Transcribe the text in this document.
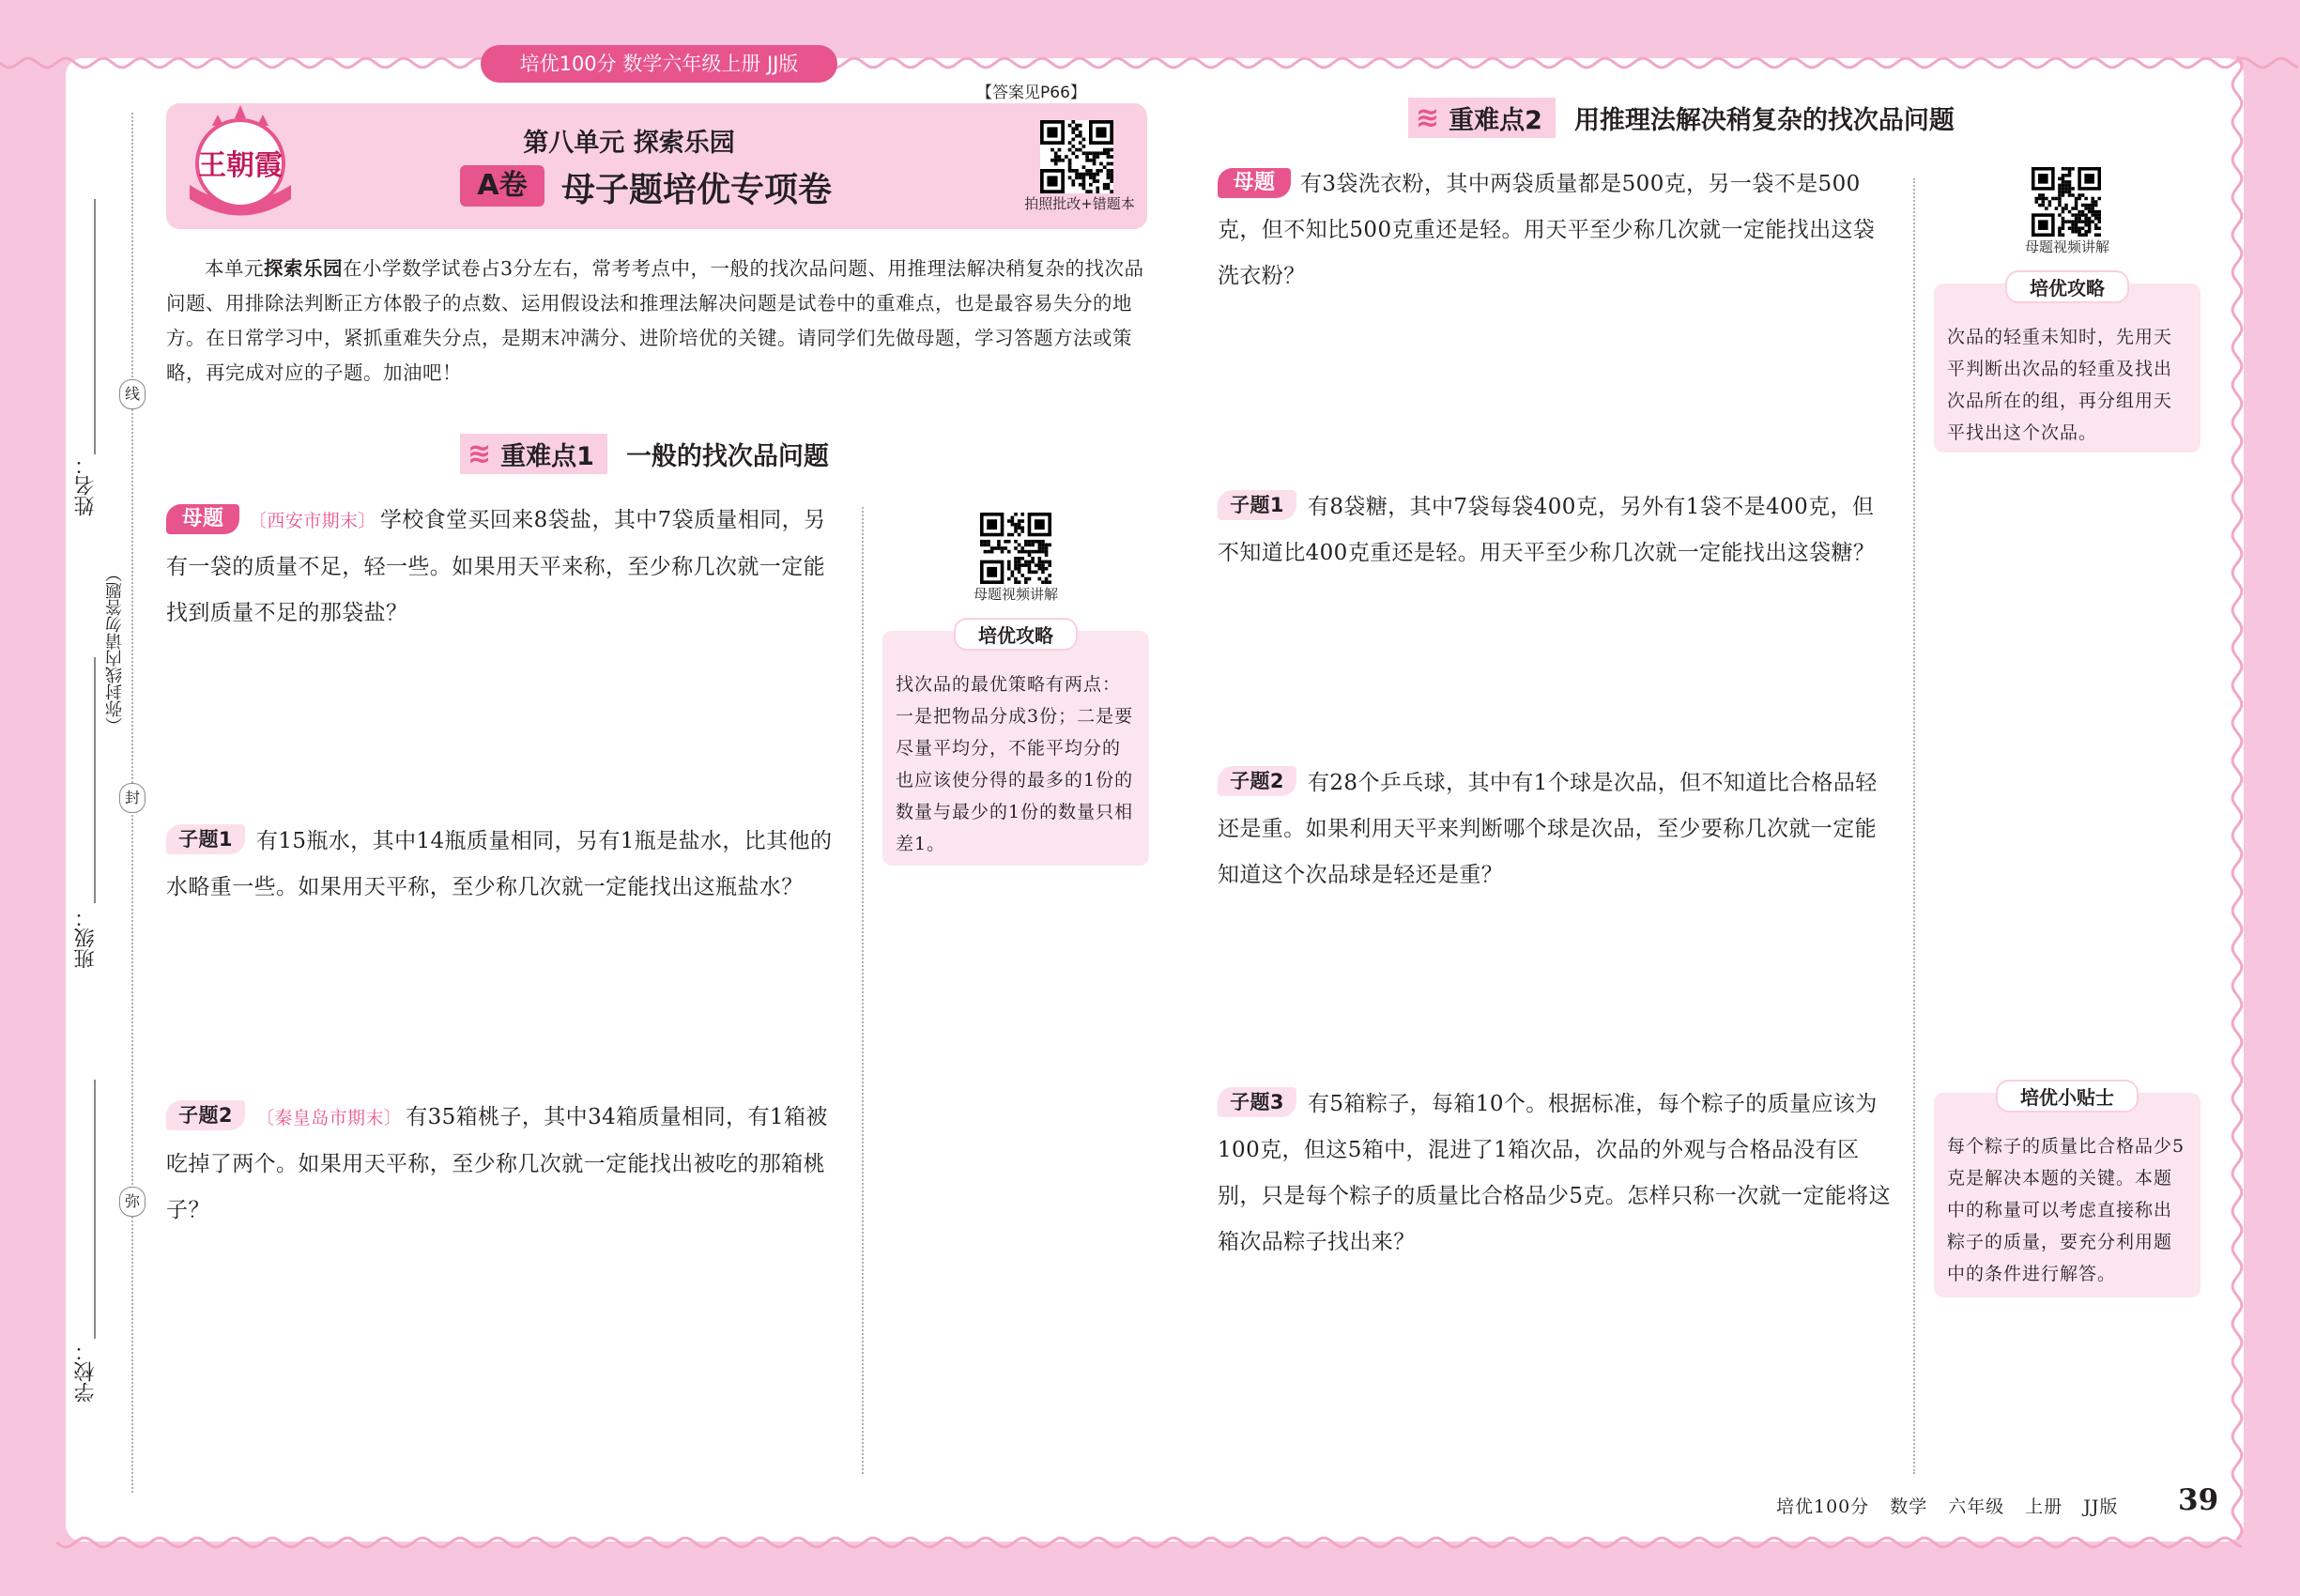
培优100分 数学六年级上册 JJ版
【答案见P66】
王朝霞
第八单元 探索乐园
A卷	母子题培优专项卷	拍照批改+错题本
本单元探索乐园在小学数学试卷占3分左右，常考考点中，一般的找次品问题、用推理法解决稍复杂的找次品问题、用排除法判断正方体骰子的点数、运用假设法和推理法解决问题是试卷中的重难点，也是最容易失分的地方。在日常学习中，紧抓重难失分点，是期末冲满分、进阶培优的关键。请同学们先做母题，学习答题方法或策略，再完成对应的子题。加油吧！
≋ 重难点1 一般的找次品问题
母题 〔西安市期末〕 学校食堂买回来8袋盐，其中7袋质量相同，另有一袋的质量不足，轻一些。如果用天平来称，至少称几次就一定能找到质量不足的那袋盐？
子题1 有15瓶水，其中14瓶质量相同，另有1瓶是盐水，比其他的水略重一些。如果用天平称，至少称几次就一定能找出这瓶盐水？
子题2 〔秦皇岛市期末〕 有35箱桃子，其中34箱质量相同，有1箱被吃掉了两个。如果用天平称，至少称几次就一定能找出被吃的那箱桃子？
母题视频讲解
培优攻略
找次品的最优策略有两点：一是把物品分成3份；二是要尽量平均分，不能平均分的也应该使分得的最多的1份的数量与最少的1份的数量只相差1。
≋ 重难点2 用推理法解决稍复杂的找次品问题
母题 有3袋洗衣粉，其中两袋质量都是500克，另一袋不是500克，但不知比500克重还是轻。用天平至少称几次就一定能找出这袋洗衣粉？
子题1 有8袋糖，其中7袋每袋400克，另外有1袋不是400克，但不知道比400克重还是轻。用天平至少称几次就一定能找出这袋糖？
子题2 有28个乒乓球，其中有1个球是次品，但不知道比合格品轻还是重。如果利用天平来判断哪个球是次品，至少要称几次就一定能知道这个次品球是轻还是重？
子题3 有5箱粽子，每箱10个。根据标准，每个粽子的质量应该为100克，但这5箱中，混进了1箱次品，次品的外观与合格品没有区别，只是每个粽子的质量比合格品少5克。怎样只称一次就一定能将这箱次品粽子找出来？
母题视频讲解
培优攻略
次品的轻重未知时，先用天平判断出次品的轻重及找出次品所在的组，再分组用天平找出这个次品。
培优小贴士
每个粽子的质量比合格品少5克是解决本题的关键。本题中的称量可以考虑直接称出粽子的质量，要充分利用题中的条件进行解答。
姓名：
班级：
学校：
（弥封线内请勿答题）
线
封
弥
培优100分 数学 六年级 上册 JJ版	39
